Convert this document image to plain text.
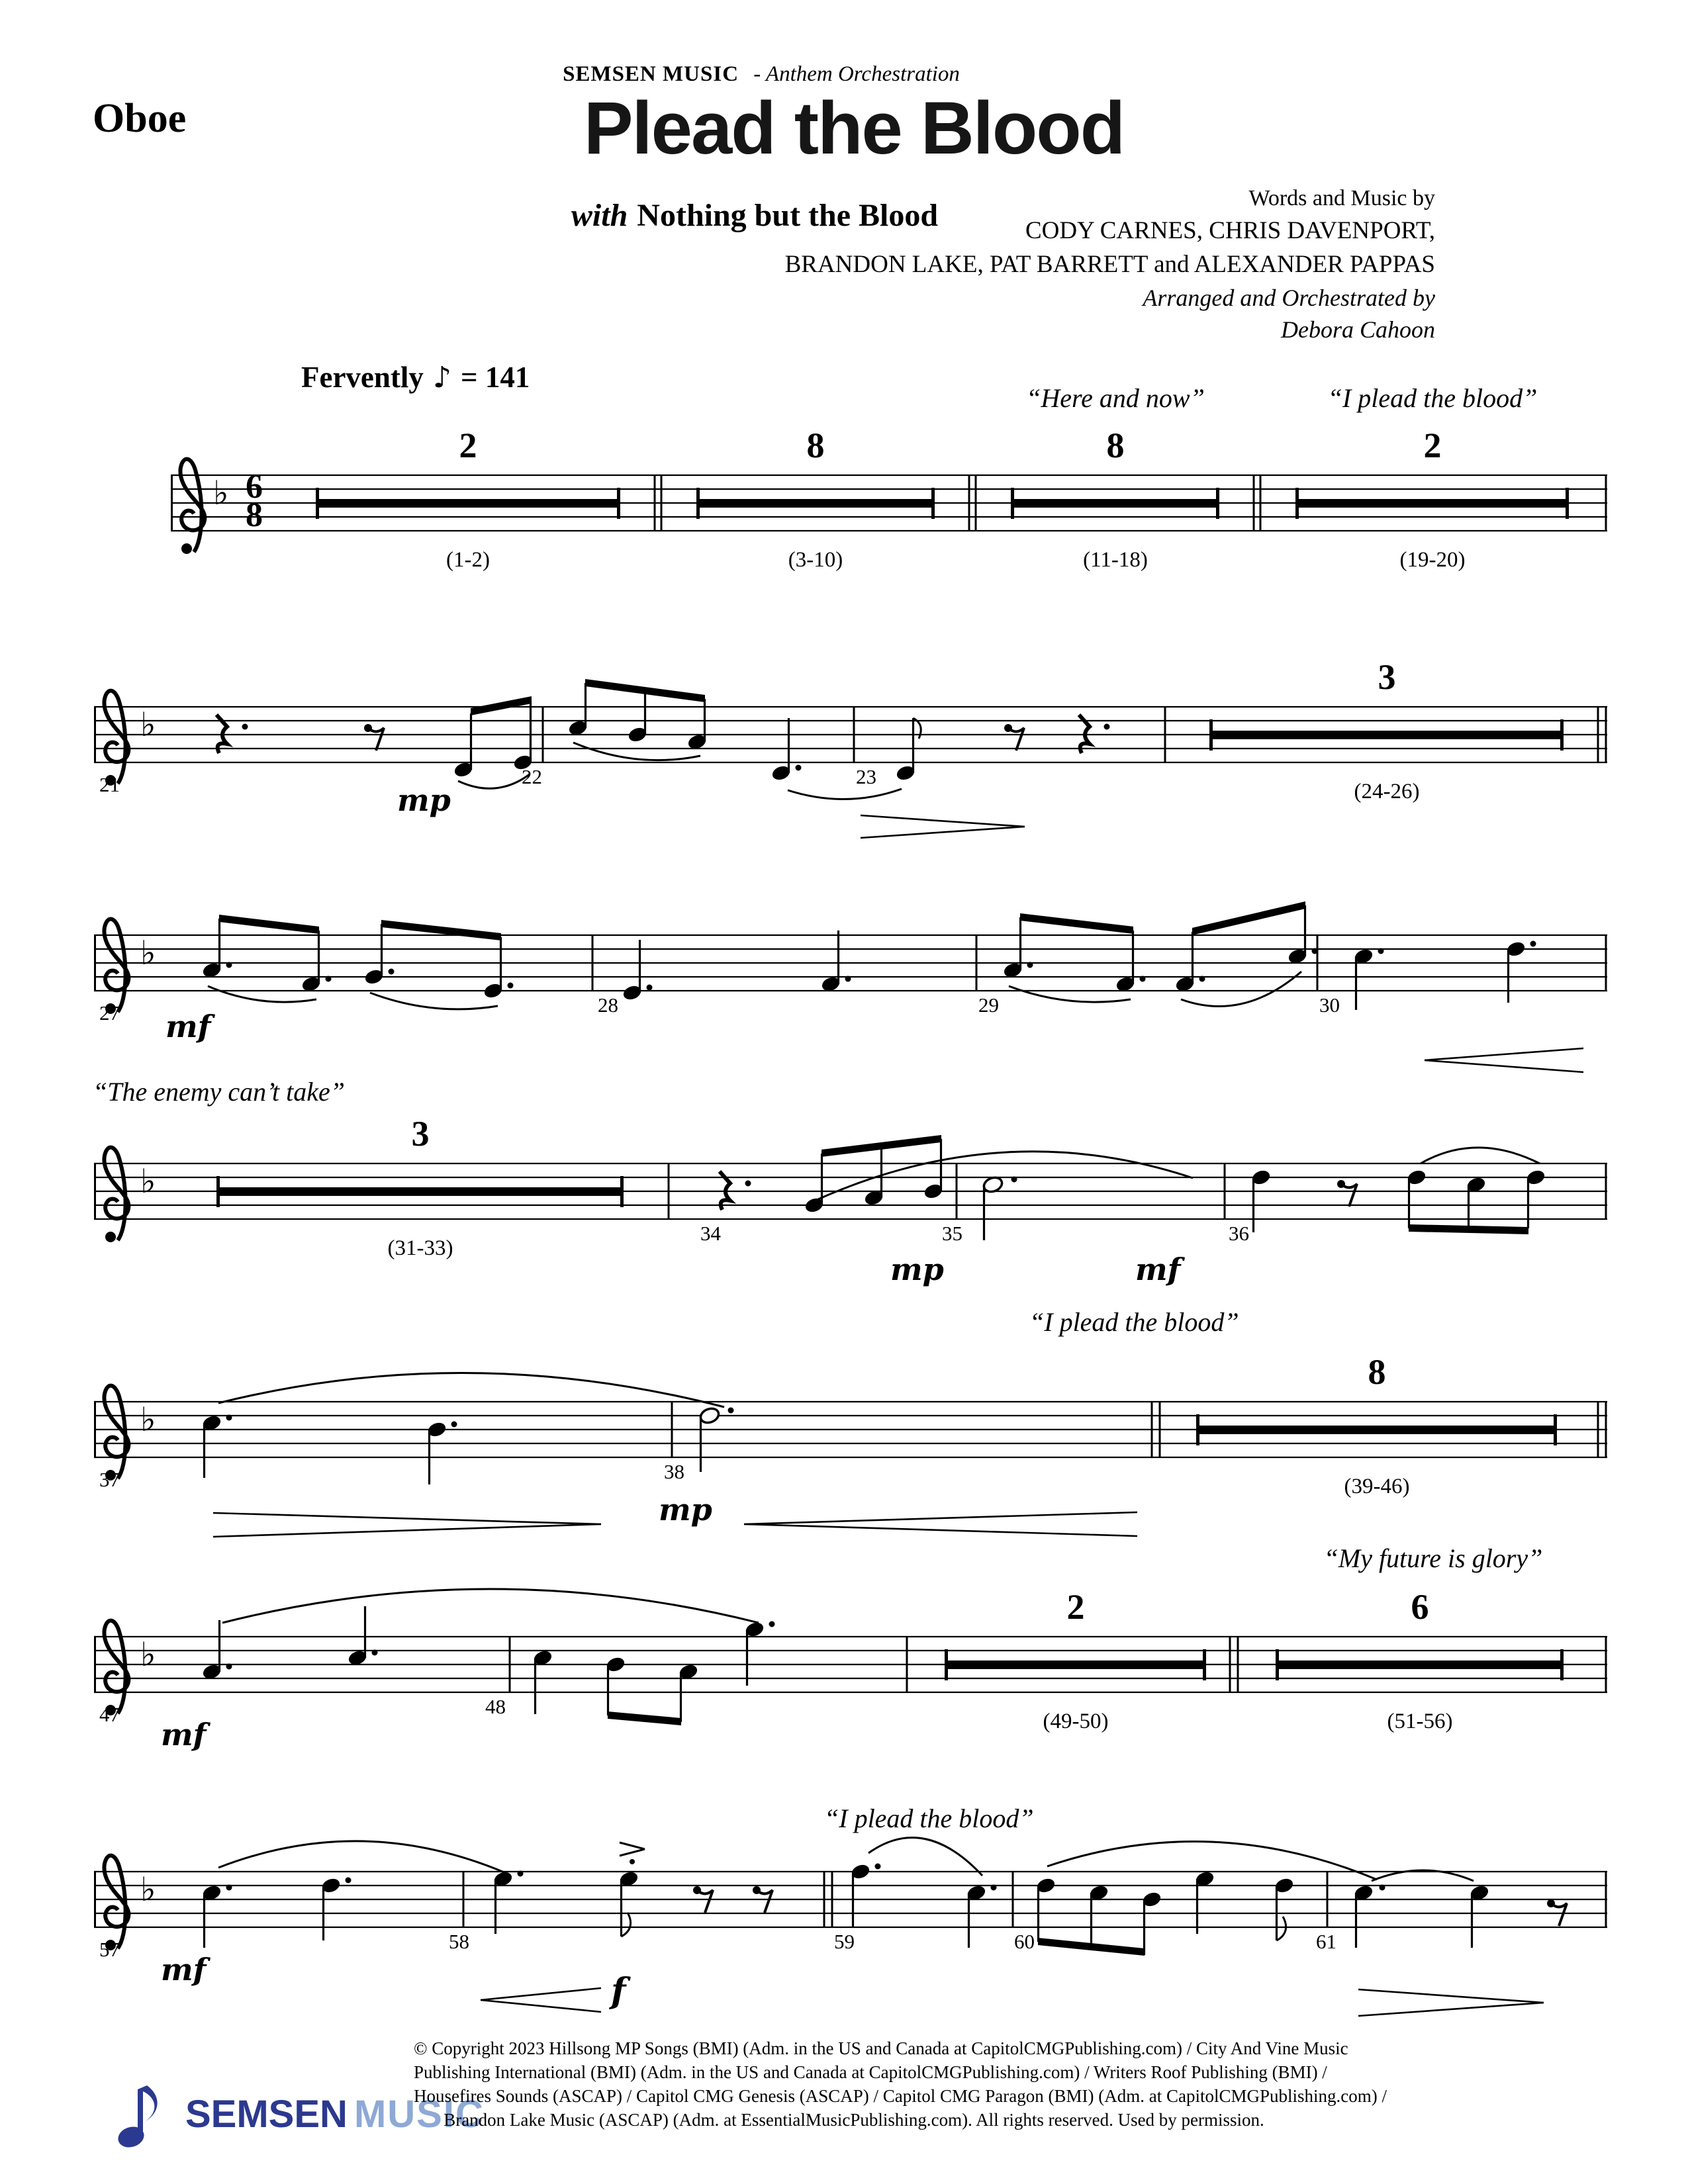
SEMSEN MUSIC - Anthem Orchestration
Oboe	Plead the Blood
with Nothing but the Blood	Words and Music by
CODY CARNES, CHRIS DAVENPORT,
BRANDON LAKE, PAT BARRETT and ALEXANDER PAPPAS
Arranged and Orchestrated by
Debora Cahoon
Fervently ♪ = 141
♭ 6
8
♭
♭
♭
♭
♭
♭
2	8	8	2
(1-2)	(3-10)	(11-18)	(19-20)
“Here and now”	“I plead the blood”
21	22	23
mp
3
(24-26)
27	28	29	30
mf
“The enemy can’t take”
3
(31-33)
34	35	36
mp	mf
37	38
mp
“I plead the blood”
8
(39-46)
47	48
mf
2
(49-50)
6
(51-56)
“My future is glory”
57	58	59	60	61
mf
f
“I plead the blood”
SEMSEN MUSIC
© Copyright 2023 Hillsong MP Songs (BMI) (Adm. in the US and Canada at CapitolCMGPublishing.com) / City And Vine Music
Publishing International (BMI) (Adm. in the US and Canada at CapitolCMGPublishing.com) / Writers Roof Publishing (BMI) /
Housefires Sounds (ASCAP) / Capitol CMG Genesis (ASCAP) / Capitol CMG Paragon (BMI) (Adm. at CapitolCMGPublishing.com) /
Brandon Lake Music (ASCAP) (Adm. at EssentialMusicPublishing.com). All rights reserved. Used by permission.
